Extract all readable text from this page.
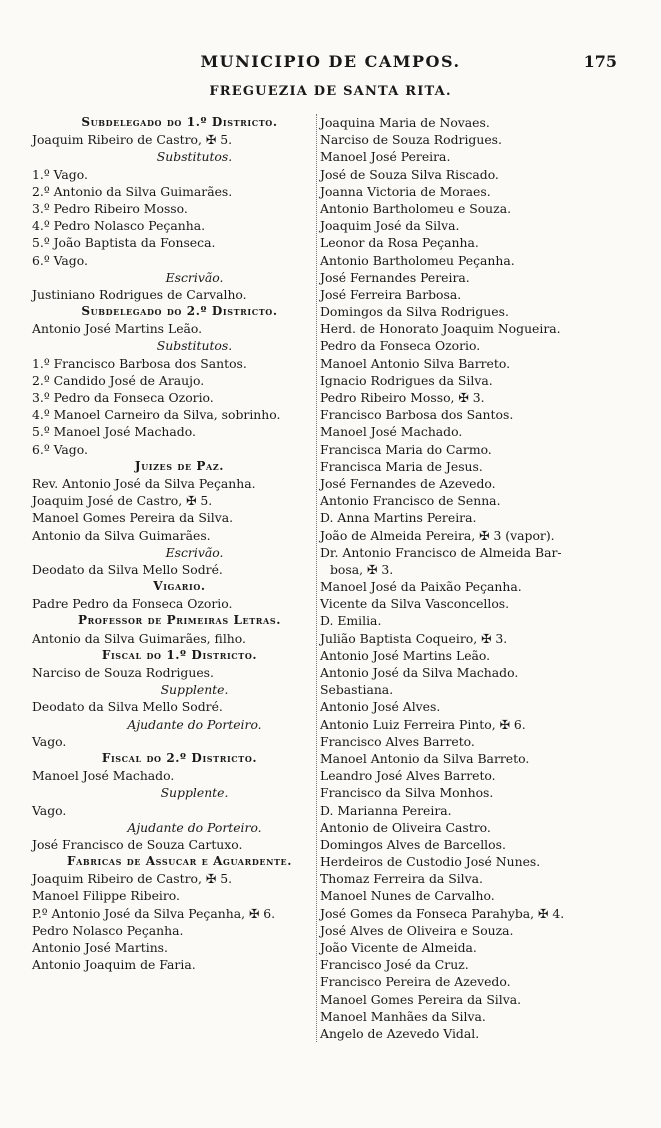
MUNICIPIO DE CAMPOS.	175
FREGUEZIA DE SANTA RITA.
Subdelegado do 1.º Districto.
Joaquim Ribeiro de Castro, ✠ 5.
Substitutos.
1.º Vago.
2.º Antonio da Silva Guimarães.
3.º Pedro Ribeiro Mosso.
4.º Pedro Nolasco Peçanha.
5.º João Baptista da Fonseca.
6.º Vago.
Escrivão.
Justiniano Rodrigues de Carvalho.
Subdelegado do 2.º Districto.
Antonio José Martins Leão.
Substitutos.
1.º Francisco Barbosa dos Santos.
2.º Candido José de Araujo.
3.º Pedro da Fonseca Ozorio.
4.º Manoel Carneiro da Silva, sobrinho.
5.º Manoel José Machado.
6.º Vago.
Juizes de Paz.
Rev. Antonio José da Silva Peçanha.
Joaquim José de Castro, ✠ 5.
Manoel Gomes Pereira da Silva.
Antonio da Silva Guimarães.
Escrivão.
Deodato da Silva Mello Sodré.
Vigario.
Padre Pedro da Fonseca Ozorio.
Professor de Primeiras Letras.
Antonio da Silva Guimarães, filho.
Fiscal do 1.º Districto.
Narciso de Souza Rodrigues.
Supplente.
Deodato da Silva Mello Sodré.
Ajudante do Porteiro.
Vago.
Fiscal do 2.º Districto.
Manoel José Machado.
Supplente.
Vago.
Ajudante do Porteiro.
José Francisco de Souza Cartuxo.
Fabricas de Assucar e Aguardente.
Joaquim Ribeiro de Castro, ✠ 5.
Manoel Filippe Ribeiro.
P.º Antonio José da Silva Peçanha, ✠ 6.
Pedro Nolasco Peçanha.
Antonio José Martins.
Antonio Joaquim de Faria.
Joaquina Maria de Novaes.
Narciso de Souza Rodrigues.
Manoel José Pereira.
José de Souza Silva Riscado.
Joanna Victoria de Moraes.
Antonio Bartholomeu e Souza.
Joaquim José da Silva.
Leonor da Rosa Peçanha.
Antonio Bartholomeu Peçanha.
José Fernandes Pereira.
José Ferreira Barbosa.
Domingos da Silva Rodrigues.
Herd. de Honorato Joaquim Nogueira.
Pedro da Fonseca Ozorio.
Manoel Antonio Silva Barreto.
Ignacio Rodrigues da Silva.
Pedro Ribeiro Mosso, ✠ 3.
Francisco Barbosa dos Santos.
Manoel José Machado.
Francisca Maria do Carmo.
Francisca Maria de Jesus.
José Fernandes de Azevedo.
Antonio Francisco de Senna.
D. Anna Martins Pereira.
João de Almeida Pereira, ✠ 3 (vapor).
Dr. Antonio Francisco de Almeida Bar-
bosa, ✠ 3.
Manoel José da Paixão Peçanha.
Vicente da Silva Vasconcellos.
D. Emilia.
Julião Baptista Coqueiro, ✠ 3.
Antonio José Martins Leão.
Antonio José da Silva Machado.
Sebastiana.
Antonio José Alves.
Antonio Luiz Ferreira Pinto, ✠ 6.
Francisco Alves Barreto.
Manoel Antonio da Silva Barreto.
Leandro José Alves Barreto.
Francisco da Silva Monhos.
D. Marianna Pereira.
Antonio de Oliveira Castro.
Domingos Alves de Barcellos.
Herdeiros de Custodio José Nunes.
Thomaz Ferreira da Silva.
Manoel Nunes de Carvalho.
José Gomes da Fonseca Parahyba, ✠ 4.
José Alves de Oliveira e Souza.
João Vicente de Almeida.
Francisco José da Cruz.
Francisco Pereira de Azevedo.
Manoel Gomes Pereira da Silva.
Manoel Manhães da Silva.
Angelo de Azevedo Vidal.
